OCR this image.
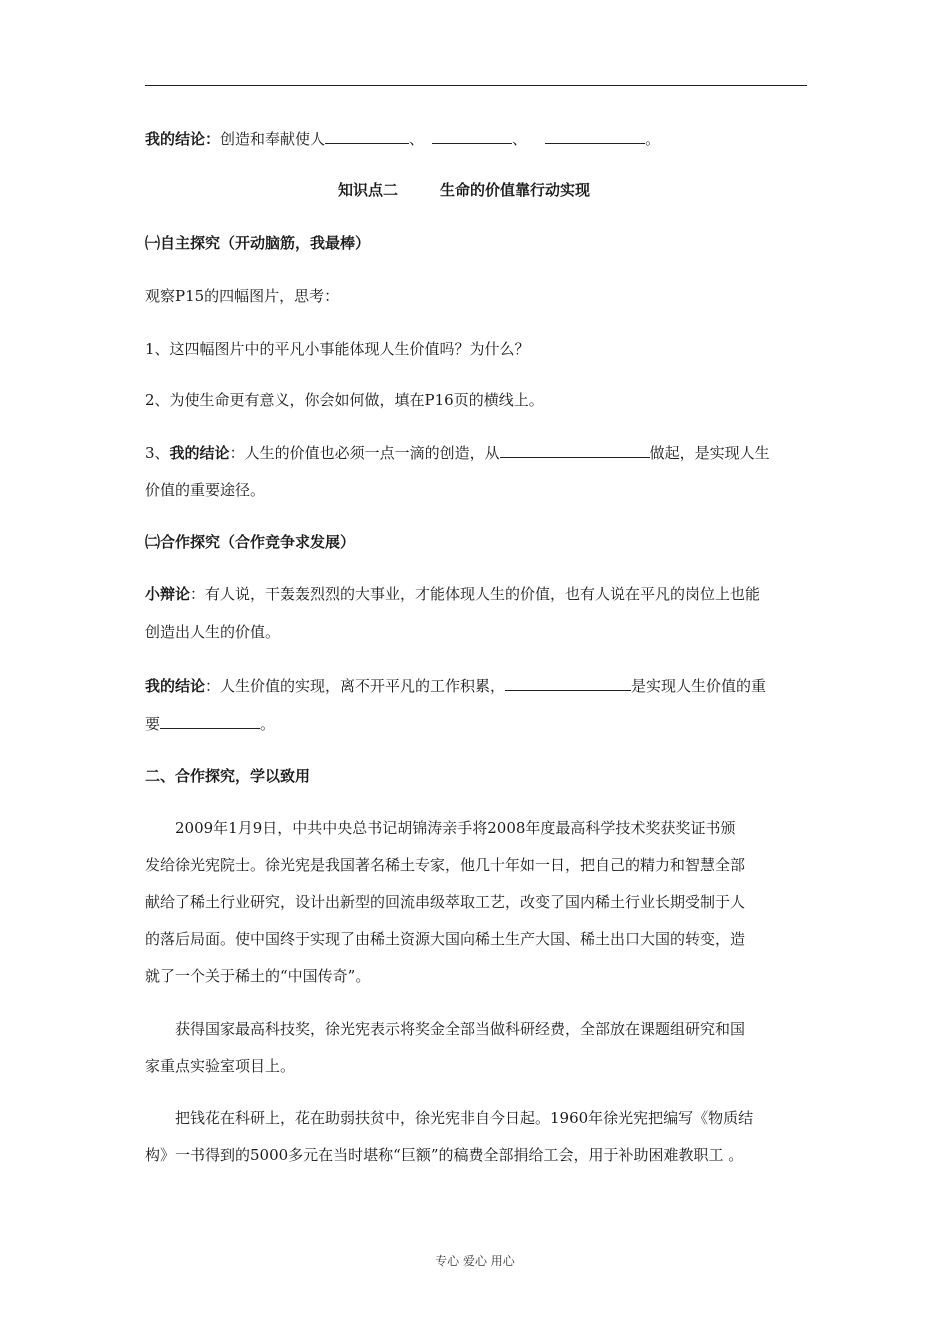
我的结论：创造和奉献使人	、	、	。
知识点二	生命的价值靠行动实现
㈠自主探究（开动脑筋，我最棒）
观察P15的四幅图片，思考：
1、这四幅图片中的平凡小事能体现人生价值吗？为什么？
2、为使生命更有意义，你会如何做，填在P16页的横线上。
3、我的结论：人生的价值也必须一点一滴的创造，从	做起，是实现人生
价值的重要途径。
㈡合作探究（合作竞争求发展）
小辩论：有人说，干轰轰烈烈的大事业，才能体现人生的价值，也有人说在平凡的岗位上也能
创造出人生的价值。
我的结论：人生价值的实现，离不开平凡的工作积累，	是实现人生价值的重
要	。
二、合作探究，学以致用
2009年1月9日，中共中央总书记胡锦涛亲手将2008年度最高科学技术奖获奖证书颁
发给徐光宪院士。徐光宪是我国著名稀土专家，他几十年如一日，把自己的精力和智慧全部
献给了稀土行业研究，设计出新型的回流串级萃取工艺，改变了国内稀土行业长期受制于人
的落后局面。使中国终于实现了由稀土资源大国向稀土生产大国、稀土出口大国的转变，造
就了一个关于稀土的“中国传奇”。
获得国家最高科技奖，徐光宪表示将奖金全部当做科研经费，全部放在课题组研究和国
家重点实验室项目上。
把钱花在科研上，花在助弱扶贫中，徐光宪非自今日起。1960年徐光宪把编写《物质结
构》一书得到的5000多元在当时堪称“巨额”的稿费全部捐给工会，用于补助困难教职工 。
专心 爱心 用心
